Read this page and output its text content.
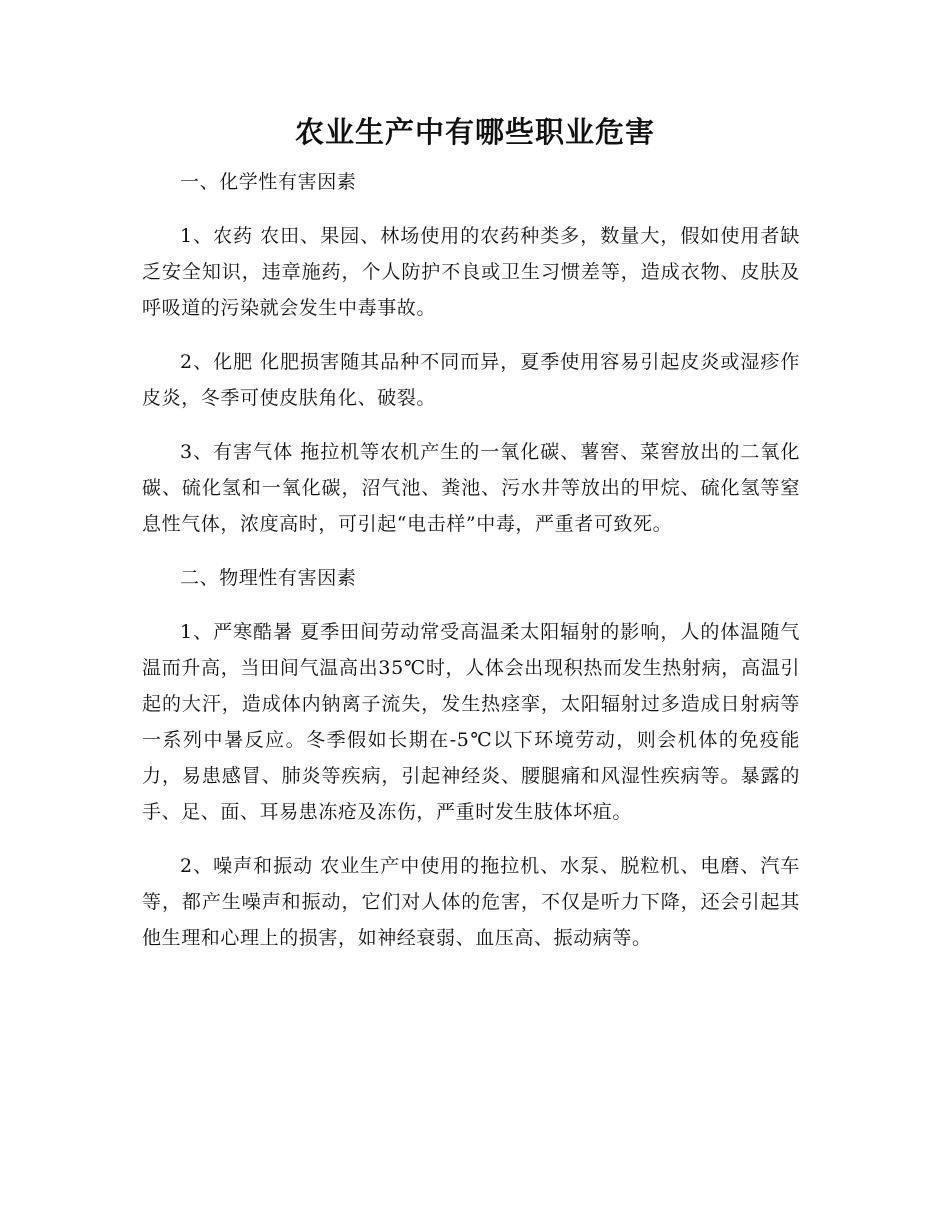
农业生产中有哪些职业危害

一、化学性有害因素

1、农药 农田、果园、林场使用的农药种类多，数量大，假如使用者缺乏安全知识，违章施药，个人防护不良或卫生习惯差等，造成衣物、皮肤及呼吸道的污染就会发生中毒事故。

2、化肥 化肥损害随其品种不同而异，夏季使用容易引起皮炎或湿疹作皮炎，冬季可使皮肤角化、破裂。

3、有害气体 拖拉机等农机产生的一氧化碳、薯窖、菜窖放出的二氧化碳、硫化氢和一氧化碳，沼气池、粪池、污水井等放出的甲烷、硫化氢等窒息性气体，浓度高时，可引起“电击样”中毒，严重者可致死。

二、物理性有害因素

1、严寒酷暑 夏季田间劳动常受高温柔太阳辐射的影响，人的体温随气温而升高，当田间气温高出35℃时，人体会出现积热而发生热射病，高温引起的大汗，造成体内钠离子流失，发生热痉挛，太阳辐射过多造成日射病等一系列中暑反应。冬季假如长期在-5℃以下环境劳动，则会机体的免疫能力，易患感冒、肺炎等疾病，引起神经炎、腰腿痛和风湿性疾病等。暴露的手、足、面、耳易患冻疮及冻伤，严重时发生肢体坏疽。

2、噪声和振动 农业生产中使用的拖拉机、水泵、脱粒机、电磨、汽车等，都产生噪声和振动，它们对人体的危害，不仅是听力下降，还会引起其他生理和心理上的损害，如神经衰弱、血压高、振动病等。
